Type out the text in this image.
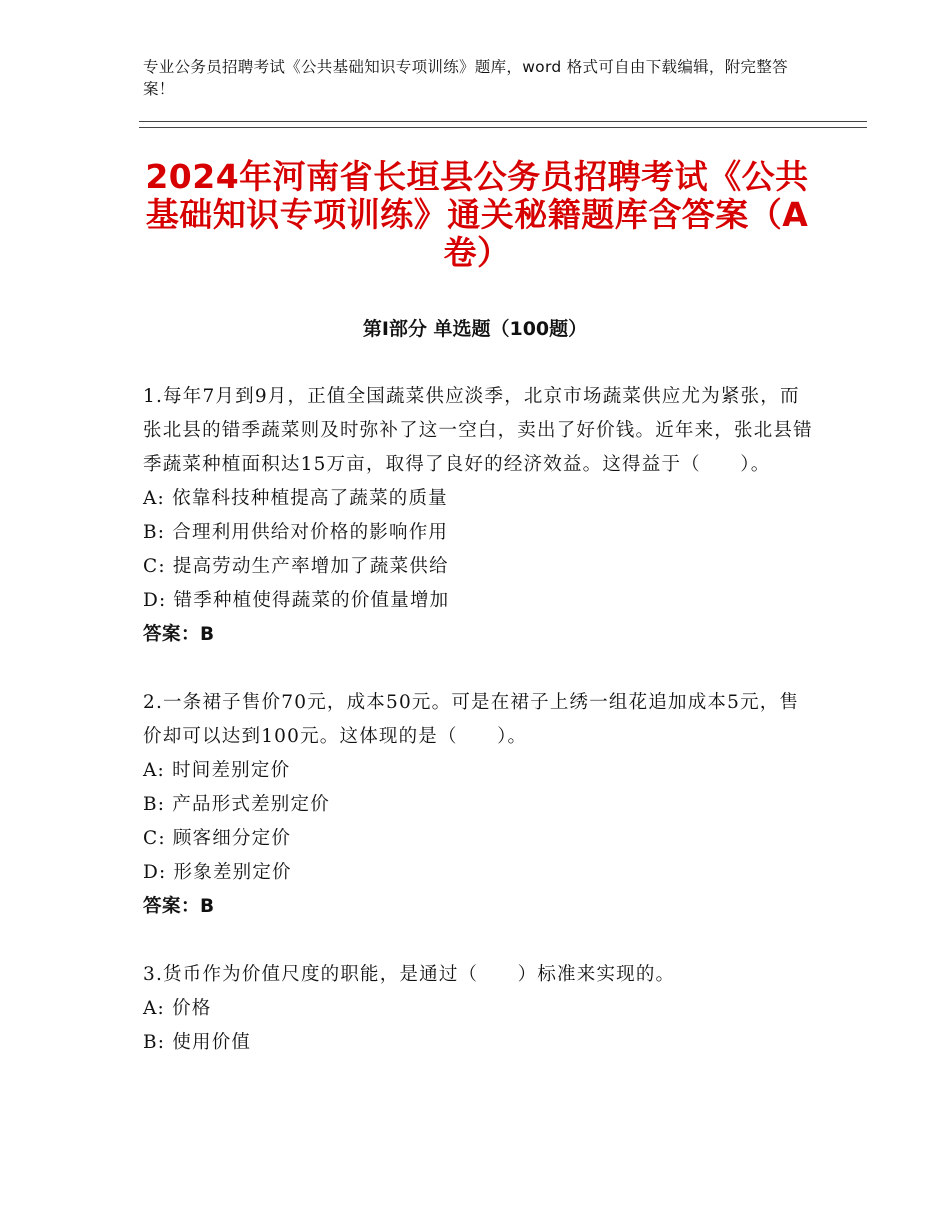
专业公务员招聘考试《公共基础知识专项训练》题库，word 格式可自由下载编辑，附完整答案！
2024年河南省长垣县公务员招聘考试《公共基础知识专项训练》通关秘籍题库含答案（A卷）
第Ⅰ部分 单选题（100题）

1.每年7月到9月，正值全国蔬菜供应淡季，北京市场蔬菜供应尤为紧张，而张北县的错季蔬菜则及时弥补了这一空白，卖出了好价钱。近年来，张北县错季蔬菜种植面积达15万亩，取得了良好的经济效益。这得益于（　　）。

A: 依靠科技种植提高了蔬菜的质量

B: 合理利用供给对价格的影响作用

C: 提高劳动生产率增加了蔬菜供给

D: 错季种植使得蔬菜的价值量增加

答案：B

2.一条裙子售价70元，成本50元。可是在裙子上绣一组花追加成本5元，售价却可以达到100元。这体现的是（　　）。

A: 时间差别定价

B: 产品形式差别定价

C: 顾客细分定价

D: 形象差别定价

答案：B

3.货币作为价值尺度的职能，是通过（　　）标准来实现的。

A: 价格

B: 使用价值
